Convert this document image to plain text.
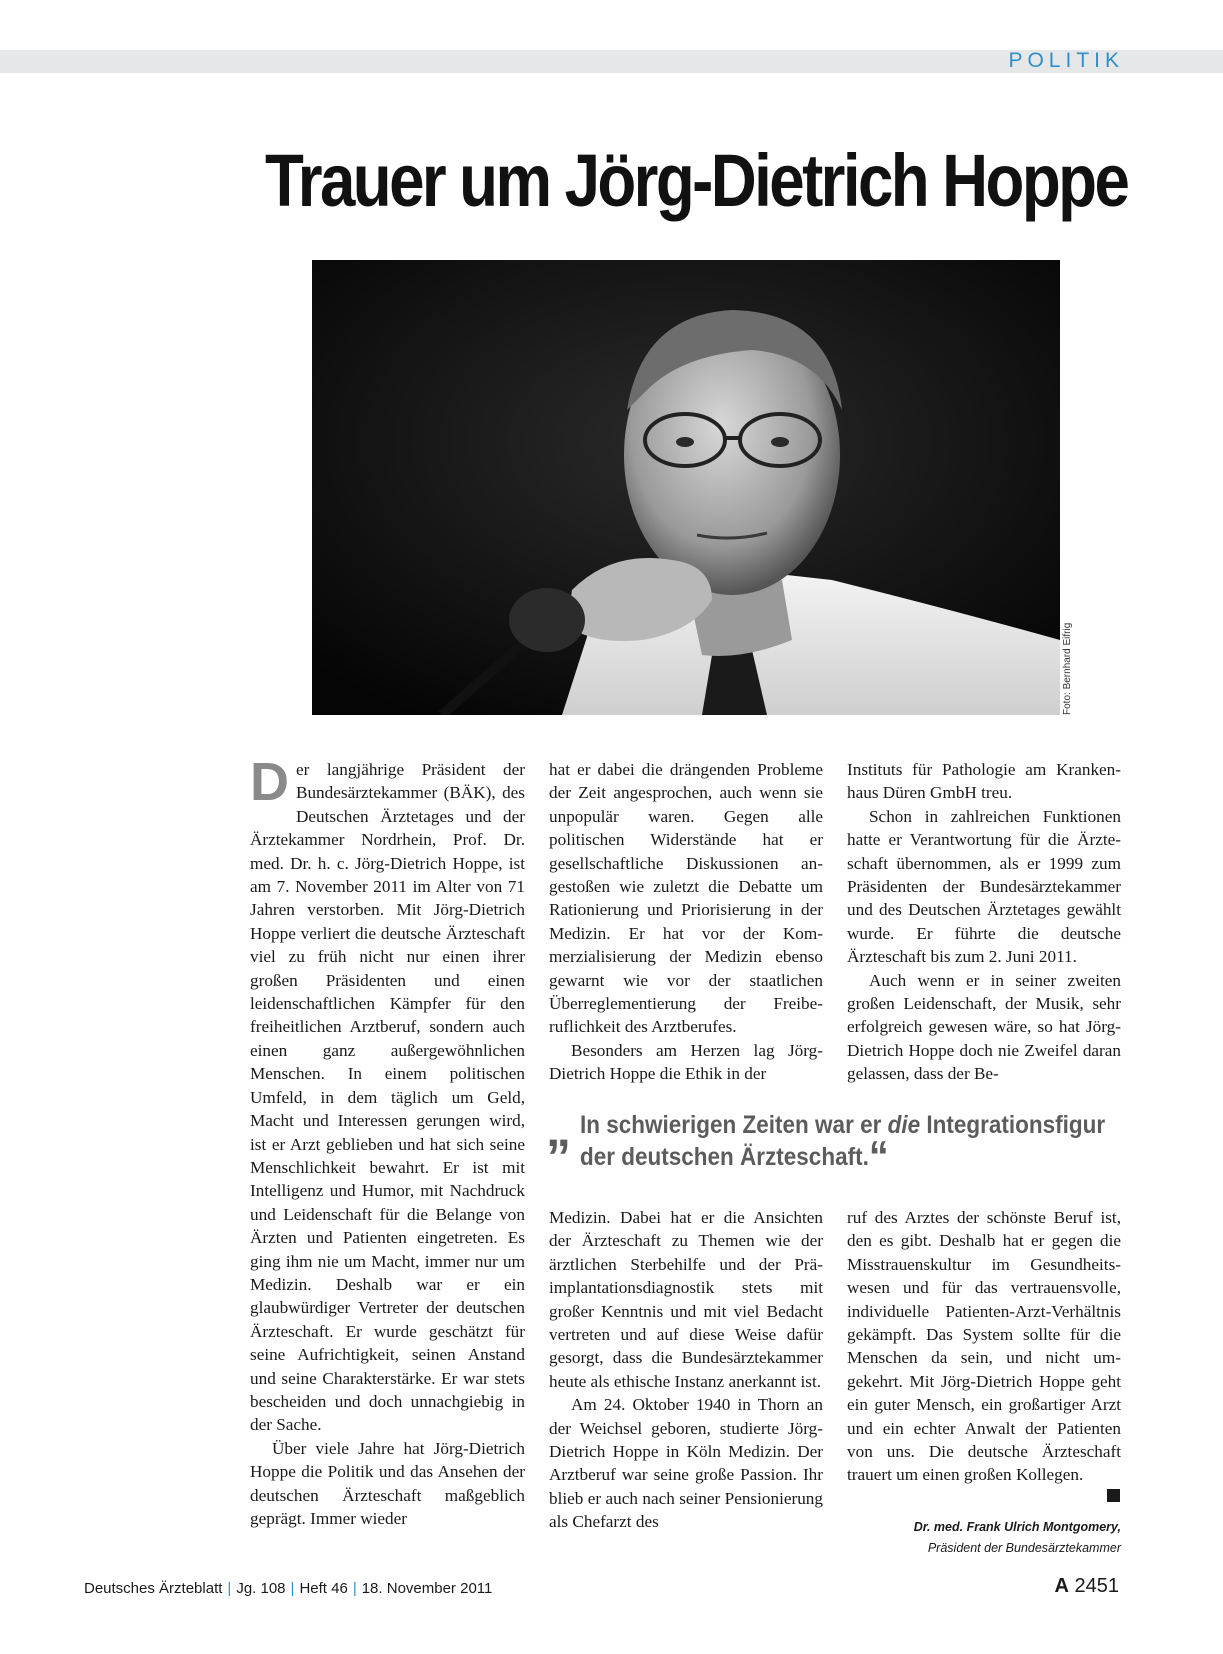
POLITIK
Trauer um Jörg-Dietrich Hoppe
Foto: Bernhard Eifrig

D er langjährige Präsident der Bundesärztekammer (BÄK), des Deutschen Ärztetages und der Ärztekammer Nordrhein, Prof. Dr. med. Dr. h. c. Jörg-Dietrich Hoppe, ist am 7. November 2011 im Alter von 71 Jahren verstorben. Mit Jörg-Dietrich Hoppe verliert die deutsche Ärzteschaft viel zu früh nicht nur einen ihrer großen Präsidenten und einen leidenschaftlichen Kämpfer für den freiheitlichen Arztberuf, sondern auch einen ganz außergewöhnlichen Menschen. In einem politischen Umfeld, in dem täglich um Geld, Macht und Interessen gerungen wird, ist er Arzt geblieben und hat sich seine Menschlichkeit bewahrt. Er ist mit Intelligenz und Humor, mit Nachdruck und Leidenschaft für die Belange von Ärzten und Patienten eingetreten. Es ging ihm nie um Macht, immer nur um Medizin. Deshalb war er ein glaubwürdiger Vertreter der deutschen Ärzteschaft. Er wurde geschätzt für seine Aufrichtigkeit, seinen Anstand und seine Charakterstärke. Er war stets bescheiden und doch unnachgiebig in der Sache.

Über viele Jahre hat Jörg-Dietrich Hoppe die Politik und das Ansehen der deutschen Ärzteschaft maßgeblich geprägt. Immer wieder

hat er dabei die drängenden Probleme der Zeit angesprochen, auch wenn sie unpopulär waren. Gegen alle politischen Widerstände hat er gesellschaftliche Diskussionen angestoßen wie zuletzt die Debatte um Rationierung und Priorisierung in der Medizin. Er hat vor der Kommerzialisierung der Medizin ebenso gewarnt wie vor der staatlichen Überreglementierung der Freiberuflichkeit des Arztberufes.

Besonders am Herzen lag Jörg-Dietrich Hoppe die Ethik in der

Instituts für Pathologie am Krankenhaus Düren GmbH treu.

Schon in zahlreichen Funktionen hatte er Verantwortung für die Ärzteschaft übernommen, als er 1999 zum Präsidenten der Bundesärztekammer und des Deutschen Ärztetages gewählt wurde. Er führte die deutsche Ärzteschaft bis zum 2. Juni 2011.

Auch wenn er in seiner zweiten großen Leidenschaft, der Musik, sehr erfolgreich gewesen wäre, so hat Jörg-Dietrich Hoppe doch nie Zweifel daran gelassen, dass der Be-

„ In schwierigen Zeiten war er die Integrationsfigur
der deutschen Ärzteschaft.“

Medizin. Dabei hat er die Ansichten der Ärzteschaft zu Themen wie der ärztlichen Sterbehilfe und der Präimplantationsdiagnostik stets mit großer Kenntnis und mit viel Bedacht vertreten und auf diese Weise dafür gesorgt, dass die Bundesärztekammer heute als ethische Instanz anerkannt ist.

Am 24. Oktober 1940 in Thorn an der Weichsel geboren, studierte Jörg-Dietrich Hoppe in Köln Medizin. Der Arztberuf war seine große Passion. Ihr blieb er auch nach seiner Pensionierung als Chefarzt des

ruf des Arztes der schönste Beruf ist, den es gibt. Deshalb hat er gegen die Misstrauenskultur im Gesundheitswesen und für das vertrauensvolle, individuelle Patienten-Arzt-Verhältnis gekämpft. Das System sollte für die Menschen da sein, und nicht umgekehrt. Mit Jörg-Dietrich Hoppe geht ein guter Mensch, ein großartiger Arzt und ein echter Anwalt der Patienten von uns. Die deutsche Ärzteschaft trauert um einen großen Kollegen.

Dr. med. Frank Ulrich Montgomery,
Präsident der Bundesärztekammer
Deutsches Ärzteblatt | Jg. 108 | Heft 46 | 18. November 2011	A 2451
